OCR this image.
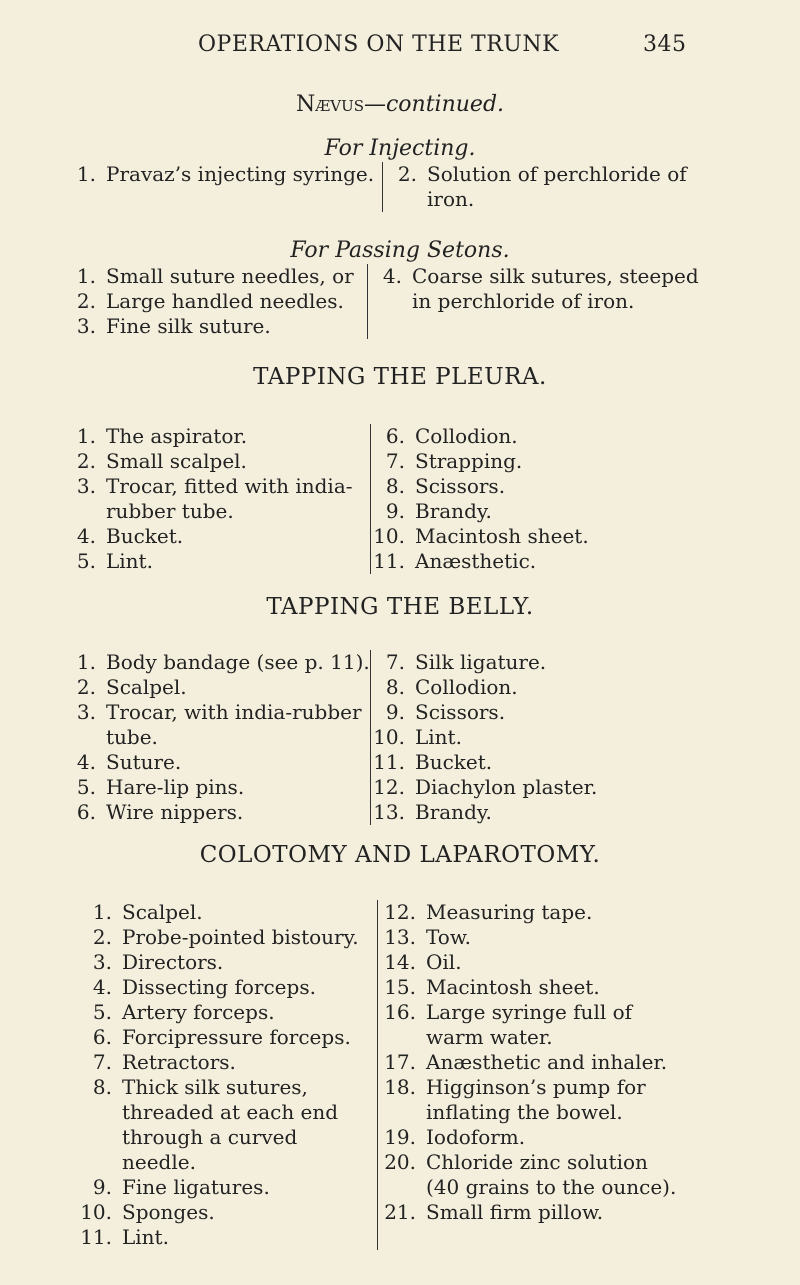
OPERATIONS ON THE TRUNK	345
Nævus—continued.
For Injecting.
1. Pravaz’s injecting syringe. 2. Solution of perchloride of iron.
For Passing Setons.
1. Small suture needles, or
2. Large handled needles.
3. Fine silk suture.
4. Coarse silk sutures, steeped in perchloride of iron.
TAPPING THE PLEURA.
1. The aspirator.
2. Small scalpel.
3. Trocar, fitted with india-rubber tube.
4. Bucket.
5. Lint.
6. Collodion.
7. Strapping.
8. Scissors.
9. Brandy.
10. Macintosh sheet.
11. Anæsthetic.
TAPPING THE BELLY.
1. Body bandage (see p. 11).
2. Scalpel.
3. Trocar, with india-rubber tube.
4. Suture.
5. Hare-lip pins.
6. Wire nippers.
7. Silk ligature.
8. Collodion.
9. Scissors.
10. Lint.
11. Bucket.
12. Diachylon plaster.
13. Brandy.
COLOTOMY AND LAPAROTOMY.
1. Scalpel.
2. Probe-pointed bistoury.
3. Directors.
4. Dissecting forceps.
5. Artery forceps.
6. Forcipressure forceps.
7. Retractors.
8. Thick silk sutures, threaded at each end through a curved needle.
9. Fine ligatures.
10. Sponges.
11. Lint.
12. Measuring tape.
13. Tow.
14. Oil.
15. Macintosh sheet.
16. Large syringe full of warm water.
17. Anæsthetic and inhaler.
18. Higginson’s pump for inflating the bowel.
19. Iodoform.
20. Chloride zinc solution (40 grains to the ounce).
21. Small firm pillow.
